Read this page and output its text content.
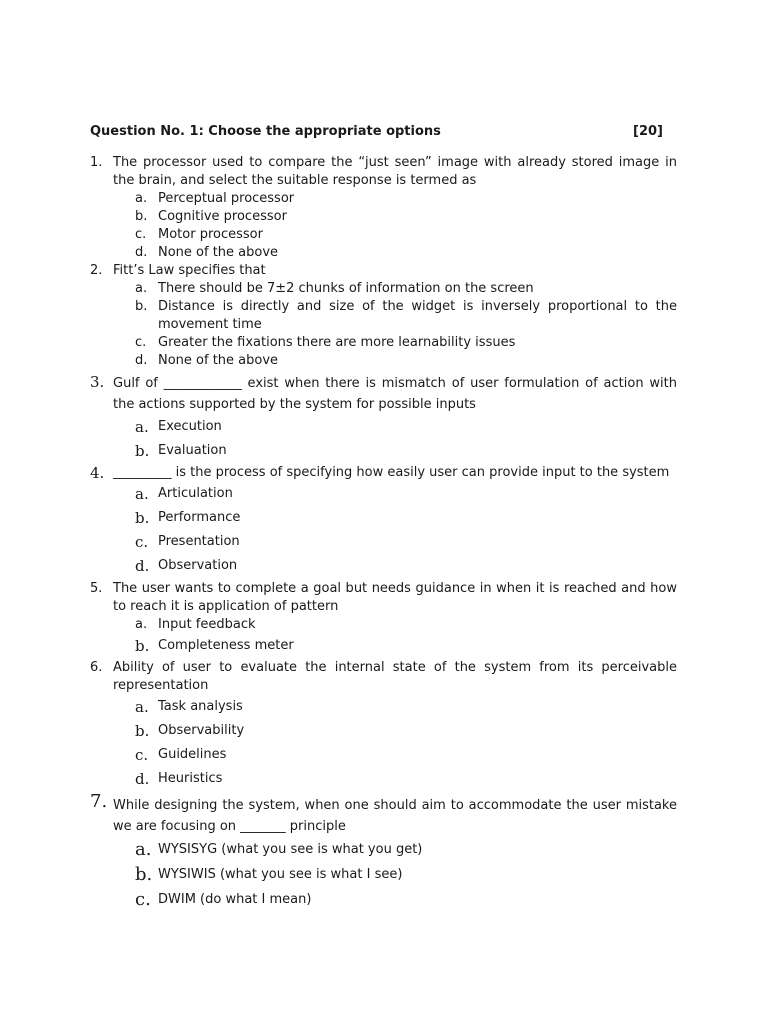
Question No. 1: Choose the appropriate options	[20]
1. The processor used to compare the “just seen” image with already stored image in the brain, and select the suitable response is termed as
a. Perceptual processor
b. Cognitive processor
c. Motor processor
d. None of the above
2. Fitt’s Law specifies that
a. There should be 7±2 chunks of information on the screen
b. Distance is directly and size of the widget is inversely proportional to the movement time
c. Greater the fixations there are more learnability issues
d. None of the above
3. Gulf of ____________ exist when there is mismatch of user formulation of action with the actions supported by the system for possible inputs
a. Execution
b. Evaluation
4. _________ is the process of specifying how easily user can provide input to the system
a. Articulation
b. Performance
c. Presentation
d. Observation
5. The user wants to complete a goal but needs guidance in when it is reached and how to reach it is application of pattern
a. Input feedback
b. Completeness meter
6. Ability of user to evaluate the internal state of the system from its perceivable representation
a. Task analysis
b. Observability
c. Guidelines
d. Heuristics
7. While designing the system, when one should aim to accommodate the user mistake we are focusing on _______ principle
a. WYSISYG (what you see is what you get)
b. WYSIWIS (what you see is what I see)
c. DWIM (do what I mean)
